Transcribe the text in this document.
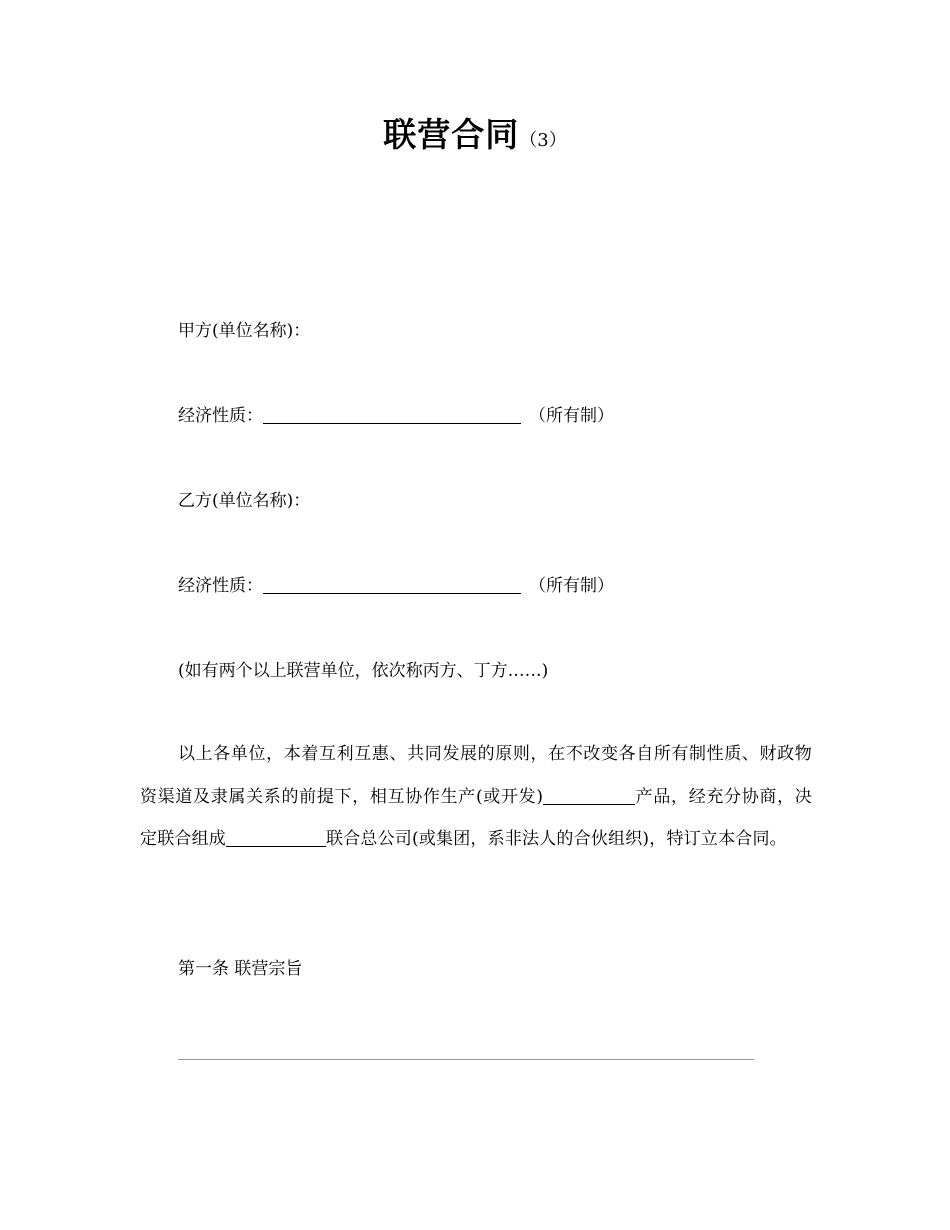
联营合同（3）
甲方(单位名称)：
经济性质：	（所有制）
乙方(单位名称)：
经济性质：	（所有制）
(如有两个以上联营单位，依次称丙方、丁方……)
以上各单位，本着互利互惠、共同发展的原则，在不改变各自所有制性质、财政物资渠道及隶属关系的前提下，相互协作生产(或开发)	产品，经充分协商，决定联合组成	联合总公司(或集团，系非法人的合伙组织)，特订立本合同。
第一条 联营宗旨
